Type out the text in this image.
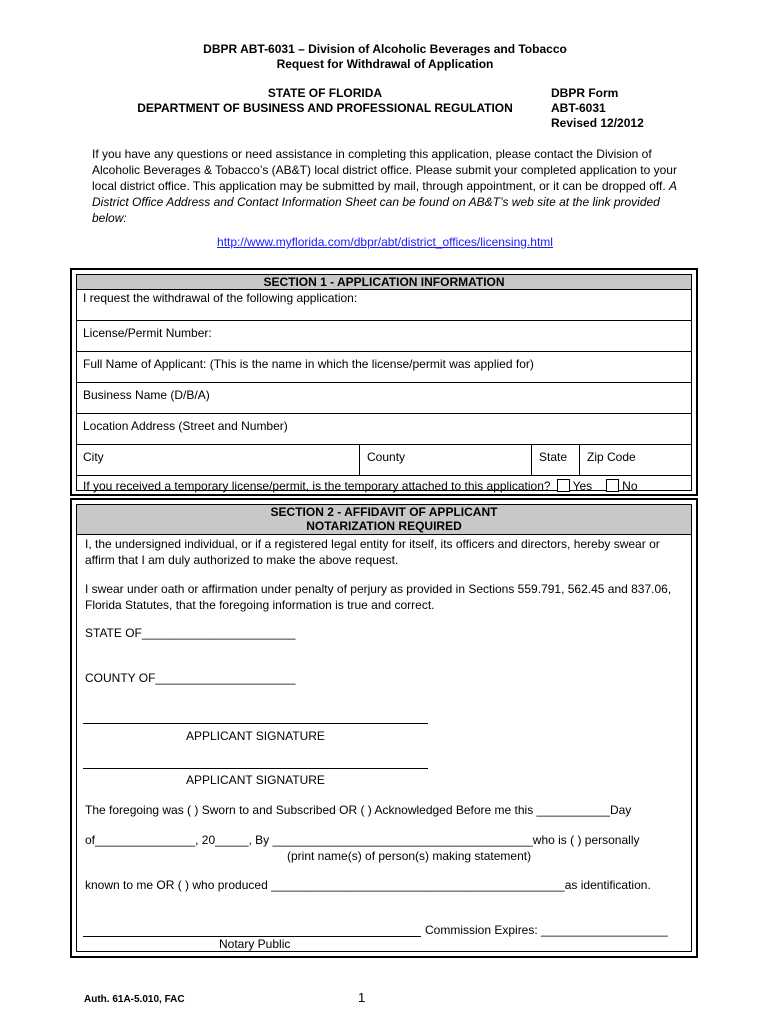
DBPR ABT-6031 – Division of Alcoholic Beverages and Tobacco
Request for Withdrawal of Application
STATE OF FLORIDA
DEPARTMENT OF BUSINESS AND PROFESSIONAL REGULATION
DBPR Form
ABT-6031
Revised 12/2012
If you have any questions or need assistance in completing this application, please contact the Division of Alcoholic Beverages & Tobacco’s (AB&T) local district office. Please submit your completed application to your local district office. This application may be submitted by mail, through appointment, or it can be dropped off. A District Office Address and Contact Information Sheet can be found on AB&T’s web site at the link provided below:
http://www.myflorida.com/dbpr/abt/district_offices/licensing.html
SECTION 1 - APPLICATION INFORMATION
I request the withdrawal of the following application:
License/Permit Number:
Full Name of Applicant: (This is the name in which the license/permit was applied for)
Business Name (D/B/A)
Location Address (Street and Number)
City	County	State Zip Code
If you received a temporary license/permit, is the temporary attached to this application? Yes	No
SECTION 2 - AFFIDAVIT OF APPLICANT
NOTARIZATION REQUIRED
I, the undersigned individual, or if a registered legal entity for itself, its officers and directors, hereby swear or affirm that I am duly authorized to make the above request.
I swear under oath or affirmation under penalty of perjury as provided in Sections 559.791, 562.45 and 837.06, Florida Statutes, that the foregoing information is true and correct.
STATE OF_______________________
COUNTY OF_____________________
APPLICANT SIGNATURE
APPLICANT SIGNATURE
The foregoing was ( ) Sworn to and Subscribed OR ( ) Acknowledged Before me this ___________Day
of_______________, 20_____, By _______________________________________who is ( ) personally
(print name(s) of person(s) making statement)
known to me OR ( ) who produced ____________________________________________as identification.
Commission Expires: ___________________
Notary Public
Auth. 61A-5.010, FAC	1
